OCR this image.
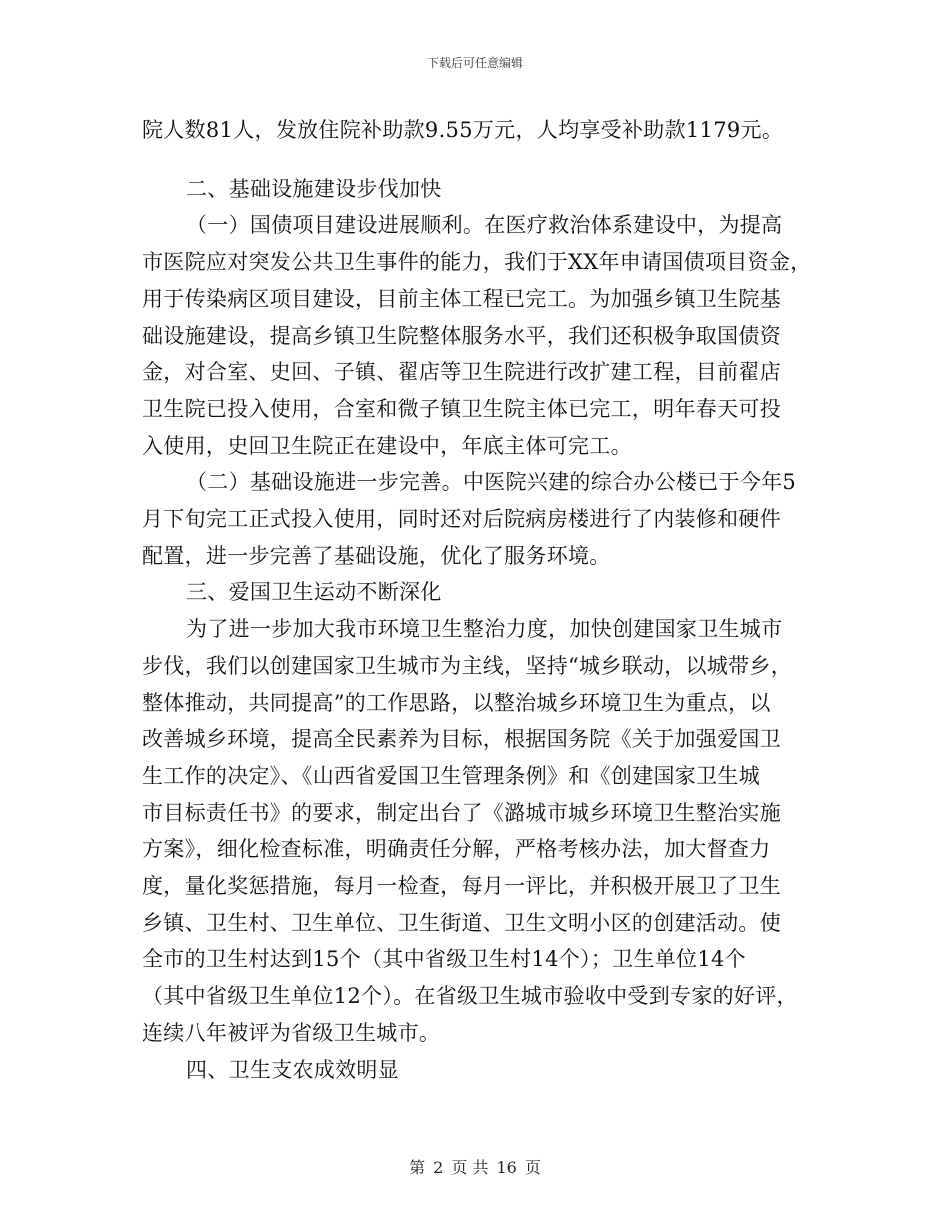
下载后可任意编辑
院人数81人，发放住院补助款9.55万元，人均享受补助款1179元。
二、基础设施建设步伐加快
（一）国债项目建设进展顺利。在医疗救治体系建设中，为提高
市医院应对突发公共卫生事件的能力，我们于XX年申请国债项目资金，
用于传染病区项目建设，目前主体工程已完工。为加强乡镇卫生院基
础设施建设，提高乡镇卫生院整体服务水平，我们还积极争取国债资
金，对合室、史回、子镇、翟店等卫生院进行改扩建工程，目前翟店
卫生院已投入使用，合室和微子镇卫生院主体已完工，明年春天可投
入使用，史回卫生院正在建设中，年底主体可完工。
（二）基础设施进一步完善。中医院兴建的综合办公楼已于今年5
月下旬完工正式投入使用，同时还对后院病房楼进行了内装修和硬件
配置，进一步完善了基础设施，优化了服务环境。
三、爱国卫生运动不断深化
为了进一步加大我市环境卫生整治力度，加快创建国家卫生城市
步伐，我们以创建国家卫生城市为主线，坚持“城乡联动，以城带乡，
整体推动，共同提高”的工作思路，以整治城乡环境卫生为重点，以
改善城乡环境，提高全民素养为目标，根据国务院《关于加强爱国卫
生工作的决定》、《山西省爱国卫生管理条例》和《创建国家卫生城
市目标责任书》的要求，制定出台了《潞城市城乡环境卫生整治实施
方案》，细化检查标准，明确责任分解，严格考核办法，加大督查力
度，量化奖惩措施，每月一检查，每月一评比，并积极开展卫了卫生
乡镇、卫生村、卫生单位、卫生街道、卫生文明小区的创建活动。使
全市的卫生村达到15个（其中省级卫生村14个）；卫生单位14个
（其中省级卫生单位12个）。在省级卫生城市验收中受到专家的好评，
连续八年被评为省级卫生城市。
四、卫生支农成效明显
第 2 页 共 16 页
